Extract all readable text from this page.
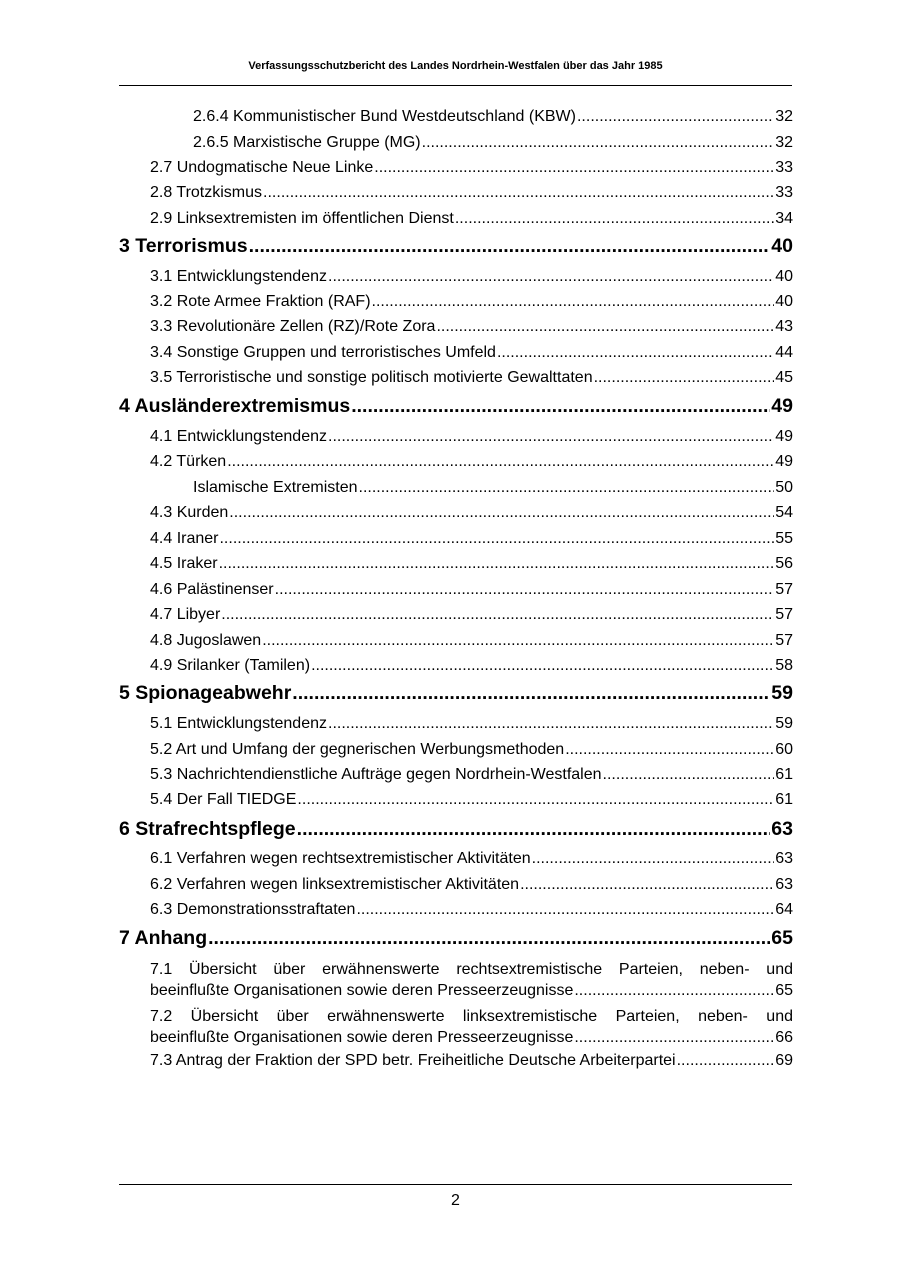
Verfassungsschutzbericht des Landes Nordrhein-Westfalen über das Jahr 1985
2.6.4 Kommunistischer Bund Westdeutschland (KBW) .....	32
2.6.5 Marxistische Gruppe (MG) .....	32
2.7 Undogmatische Neue Linke .....	33
2.8 Trotzkismus .....	33
2.9 Linksextremisten im öffentlichen Dienst .....	34
3 Terrorismus .....	40
3.1 Entwicklungstendenz .....	40
3.2 Rote Armee Fraktion (RAF) .....	40
3.3 Revolutionäre Zellen (RZ)/Rote Zora .....	43
3.4 Sonstige Gruppen und terroristisches Umfeld .....	44
3.5 Terroristische und sonstige politisch motivierte Gewalttaten .....	45
4 Ausländerextremismus .....	49
4.1 Entwicklungstendenz .....	49
4.2 Türken .....	49
Islamische Extremisten .....	50
4.3 Kurden .....	54
4.4 Iraner .....	55
4.5 Iraker .....	56
4.6 Palästinenser .....	57
4.7 Libyer .....	57
4.8 Jugoslawen .....	57
4.9 Srilanker (Tamilen) .....	58
5 Spionageabwehr .....	59
5.1 Entwicklungstendenz .....	59
5.2 Art und Umfang der gegnerischen Werbungsmethoden .....	60
5.3 Nachrichtendienstliche Aufträge gegen Nordrhein-Westfalen .....	61
5.4 Der Fall TIEDGE .....	61
6 Strafrechtspflege .....	63
6.1 Verfahren wegen rechtsextremistischer Aktivitäten .....	63
6.2 Verfahren wegen linksextremistischer Aktivitäten .....	63
6.3 Demonstrationsstraftaten .....	64
7 Anhang .....	65
7.1 Übersicht über erwähnenswerte rechtsextremistische Parteien, neben- und
beeinflußte Organisationen sowie deren Presseerzeugnisse .....	65
7.2 Übersicht über erwähnenswerte linksextremistische Parteien, neben- und
beeinflußte Organisationen sowie deren Presseerzeugnisse .....	66
7.3 Antrag der Fraktion der SPD betr. Freiheitliche Deutsche Arbeiterpartei .....	69
2
